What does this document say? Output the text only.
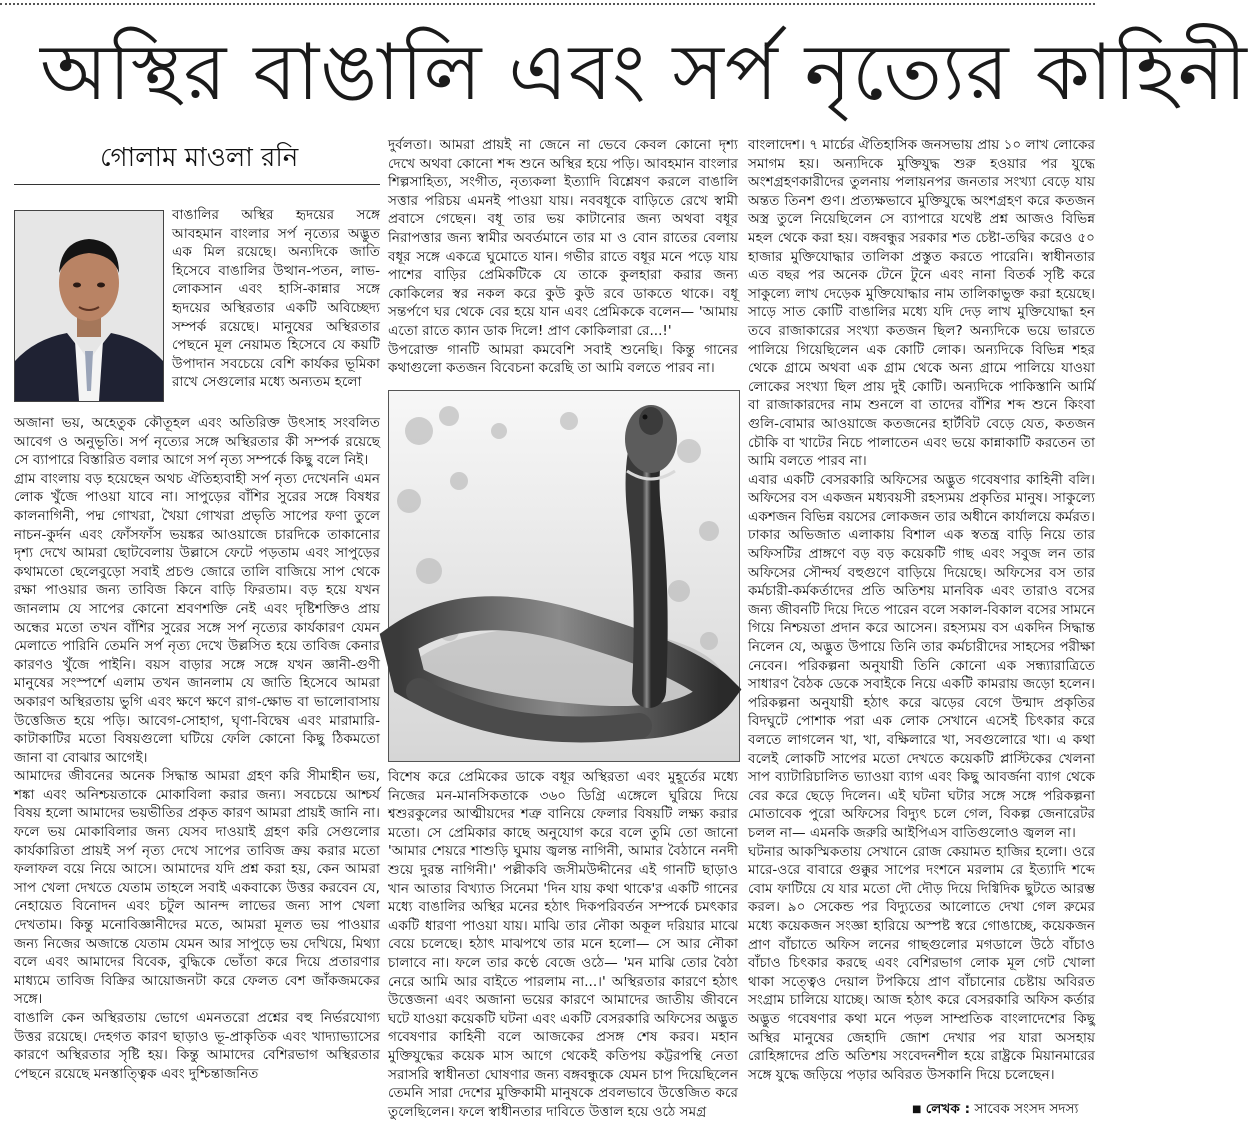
অস্থির বাঙালি এবং সর্প নৃত্যের কাহিনী
গোলাম মাওলা রনি
বাঙালির অস্থির হৃদয়ের সঙ্গে আবহমান বাংলার সর্প নৃত্যের অদ্ভুত এক মিল রয়েছে। অন্যদিকে জাতি হিসেবে বাঙালির উত্থান-পতন, লাভ-লোকসান এবং হাসি-কান্নার সঙ্গে হৃদয়ের অস্থিরতার একটি অবিচ্ছেদ্য সম্পর্ক রয়েছে। মানুষের অস্থিরতার পেছনে মূল নেয়ামত হিসেবে যে কয়টি উপাদান সবচেয়ে বেশি কার্যকর ভূমিকা রাখে সেগুলোর মধ্যে অন্যতম হলো

অজানা ভয়, অহেতুক কৌতূহল এবং অতিরিক্ত উৎসাহ সংবলিত আবেগ ও অনুভূতি। সর্প নৃত্যের সঙ্গে অস্থিরতার কী সম্পর্ক রয়েছে সে ব্যাপারে বিস্তারিত বলার আগে সর্প নৃত্য সম্পর্কে কিছু বলে নিই।

গ্রাম বাংলায় বড় হয়েছেন অথচ ঐতিহ্যবাহী সর্প নৃত্য দেখেননি এমন লোক খুঁজে পাওয়া যাবে না। সাপুড়ের বাঁশির সুরের সঙ্গে বিষধর কালনাগিনী, পদ্ম গোখরা, খৈয়া গোখরা প্রভৃতি সাপের ফণা তুলে নাচন-কুর্দন এবং ফোঁসফাঁস ভয়ঙ্কর আওয়াজে চারদিকে তাকানোর দৃশ্য দেখে আমরা ছোটবেলায় উল্লাসে ফেটে পড়তাম এবং সাপুড়ের কথামতো ছেলেবুড়ো সবাই প্রচণ্ড জোরে তালি বাজিয়ে সাপ থেকে রক্ষা পাওয়ার জন্য তাবিজ কিনে বাড়ি ফিরতাম। বড় হয়ে যখন জানলাম যে সাপের কোনো শ্রবণশক্তি নেই এবং দৃষ্টিশক্তিও প্রায় অন্ধের মতো তখন বাঁশির সুরের সঙ্গে সর্প নৃত্যের কার্যকারণ যেমন মেলাতে পারিনি তেমনি সর্প নৃত্য দেখে উল্লসিত হয়ে তাবিজ কেনার কারণও খুঁজে পাইনি। বয়স বাড়ার সঙ্গে সঙ্গে যখন জ্ঞানী-গুণী মানুষের সংস্পর্শে এলাম তখন জানলাম যে জাতি হিসেবে আমরা অকারণ অস্থিরতায় ভুগি এবং ক্ষণে ক্ষণে রাগ-ক্ষোভ বা ভালোবাসায় উত্তেজিত হয়ে পড়ি। আবেগ-সোহাগ, ঘৃণা-বিদ্বেষ এবং মারামারি-কাটাকাটির মতো বিষয়গুলো ঘটিয়ে ফেলি কোনো কিছু ঠিকমতো জানা বা বোঝার আগেই।

আমাদের জীবনের অনেক সিদ্ধান্ত আমরা গ্রহণ করি সীমাহীন ভয়, শঙ্কা এবং অনিশ্চয়তাকে মোকাবিলা করার জন্য। সবচেয়ে আশ্চর্য বিষয় হলো আমাদের ভয়ভীতির প্রকৃত কারণ আমরা প্রায়ই জানি না। ফলে ভয় মোকাবিলার জন্য যেসব দাওয়াই গ্রহণ করি সেগুলোর কার্যকারিতা প্রায়ই সর্প নৃত্য দেখে সাপের তাবিজ ক্রয় করার মতো ফলাফল বয়ে নিয়ে আসে। আমাদের যদি প্রশ্ন করা হয়, কেন আমরা সাপ খেলা দেখতে যেতাম তাহলে সবাই একবাক্যে উত্তর করবেন যে, নেহায়েত বিনোদন এবং চটুল আনন্দ লাভের জন্য সাপ খেলা দেখতাম। কিন্তু মনোবিজ্ঞানীদের মতে, আমরা মূলত ভয় পাওয়ার জন্য নিজের অজান্তে যেতাম যেমন আর সাপুড়ে ভয় দেখিয়ে, মিথ্যা বলে এবং আমাদের বিবেক, বুদ্ধিকে ভোঁতা করে দিয়ে প্রতারণার মাধ্যমে তাবিজ বিক্রির আয়োজনটা করে ফেলত বেশ জাঁকজমকের সঙ্গে।

বাঙালি কেন অস্থিরতায় ভোগে এমনতরো প্রশ্নের বহু নির্ভরযোগ্য উত্তর রয়েছে। দেহগত কারণ ছাড়াও ভূ-প্রাকৃতিক এবং খাদ্যাভ্যাসের কারণে অস্থিরতার সৃষ্টি হয়। কিন্তু আমাদের বেশিরভাগ অস্থিরতার পেছনে রয়েছে মনস্তাত্ত্বিক এবং দুশ্চিন্তাজনিত

দুর্বলতা। আমরা প্রায়ই না জেনে না ভেবে কেবল কোনো দৃশ্য দেখে অথবা কোনো শব্দ শুনে অস্থির হয়ে পড়ি। আবহমান বাংলার শিল্পসাহিত্য, সংগীত, নৃত্যকলা ইত্যাদি বিশ্লেষণ করলে বাঙালি সত্তার পরিচয় এমনই পাওয়া যায়। নববধূকে বাড়িতে রেখে স্বামী প্রবাসে গেছেন। বধূ তার ভয় কাটানোর জন্য অথবা বধূর নিরাপত্তার জন্য স্বামীর অবর্তমানে তার মা ও বোন রাতের বেলায় বধূর সঙ্গে একত্রে ঘুমোতে যান। গভীর রাতে বধূর মনে পড়ে যায় পাশের বাড়ির প্রেমিকটিকে যে তাকে কুলহারা করার জন্য কোকিলের স্বর নকল করে কুউ কুউ রবে ডাকতে থাকে। বধূ সন্তর্পণে ঘর থেকে বের হয়ে যান এবং প্রেমিককে বলেন— 'আমায় এতো রাতে ক্যান ডাক দিলে! প্রাণ কোকিলারা রে...!'

উপরোক্ত গানটি আমরা কমবেশি সবাই শুনেছি। কিন্তু গানের কথাগুলো কতজন বিবেচনা করেছি তা আমি বলতে পারব না।

বিশেষ করে প্রেমিকের ডাকে বধূর অস্থিরতা এবং মুহূর্তের মধ্যে নিজের মন-মানসিকতাকে ৩৬০ ডিগ্রি এঙ্গেলে ঘুরিয়ে দিয়ে শ্বশুরকুলের আত্মীয়দের শত্রু বানিয়ে ফেলার বিষয়টি লক্ষ্য করার মতো। সে প্রেমিকার কাছে অনুযোগ করে বলে তুমি তো জানো 'আমার শেয়রে শাশুড়ি ঘুমায় জ্বলন্ত নাগিনী, আমার বৈঠানে ননদী শুয়ে দুরন্ত নাগিনী।' পল্লীকবি জসীমউদ্দীনের এই গানটি ছাড়াও খান আতার বিখ্যাত সিনেমা 'দিন যায় কথা থাকে'র একটি গানের মধ্যে বাঙালির অস্থির মনের হঠাৎ দিকপরিবর্তন সম্পর্কে চমৎকার একটি ধারণা পাওয়া যায়। মাঝি তার নৌকা অকূল দরিয়ার মাঝে বেয়ে চলেছে। হঠাৎ মাঝপথে তার মনে হলো— সে আর নৌকা চালাবে না। ফলে তার কণ্ঠে বেজে ওঠে— 'মন মাঝি তোর বৈঠা নেরে আমি আর বাইতে পারলাম না...।' অস্থিরতার কারণে হঠাৎ উত্তেজনা এবং অজানা ভয়ের কারণে আমাদের জাতীয় জীবনে ঘটে যাওয়া কয়েকটি ঘটনা এবং একটি বেসরকারি অফিসের অদ্ভুত গবেষণার কাহিনী বলে আজকের প্রসঙ্গ শেষ করব। মহান মুক্তিযুদ্ধের কয়েক মাস আগে থেকেই কতিপয় কট্টরপন্থি নেতা সরাসরি স্বাধীনতা ঘোষণার জন্য বঙ্গবন্ধুকে যেমন চাপ দিয়েছিলেন তেমনি সারা দেশের মুক্তিকামী মানুষকে প্রবলভাবে উত্তেজিত করে তুলেছিলেন। ফলে স্বাধীনতার দাবিতে উত্তাল হয়ে ওঠে সমগ্র

বাংলাদেশ। ৭ মার্চের ঐতিহাসিক জনসভায় প্রায় ১০ লাখ লোকের সমাগম হয়। অন্যদিকে মুক্তিযুদ্ধ শুরু হওয়ার পর যুদ্ধে অংশগ্রহণকারীদের তুলনায় পলায়নপর জনতার সংখ্যা বেড়ে যায় অন্তত তিনশ গুণ। প্রত্যক্ষভাবে মুক্তিযুদ্ধে অংশগ্রহণ করে কতজন অস্ত্র তুলে নিয়েছিলেন সে ব্যাপারে যথেষ্ট প্রশ্ন আজও বিভিন্ন মহল থেকে করা হয়। বঙ্গবন্ধুর সরকার শত চেষ্টা-তদ্বির করেও ৫০ হাজার মুক্তিযোদ্ধার তালিকা প্রস্তুত করতে পারেনি। স্বাধীনতার এত বছর পর অনেক টেনে টুনে এবং নানা বিতর্ক সৃষ্টি করে সাকুল্যে লাখ দেড়েক মুক্তিযোদ্ধার নাম তালিকাভুক্ত করা হয়েছে। সাড়ে সাত কোটি বাঙালির মধ্যে যদি দেড় লাখ মুক্তিযোদ্ধা হন তবে রাজাকারের সংখ্যা কতজন ছিল? অন্যদিকে ভয়ে ভারতে পালিয়ে গিয়েছিলেন এক কোটি লোক। অন্যদিকে বিভিন্ন শহর থেকে গ্রামে অথবা এক গ্রাম থেকে অন্য গ্রামে পালিয়ে যাওয়া লোকের সংখ্যা ছিল প্রায় দুই কোটি। অন্যদিকে পাকিস্তানি আর্মি বা রাজাকারদের নাম শুনলে বা তাদের বাঁশির শব্দ শুনে কিংবা গুলি-বোমার আওয়াজে কতজনের হার্টবিট বেড়ে যেত, কতজন চৌকি বা খাটের নিচে পালাতেন এবং ভয়ে কান্নাকাটি করতেন তা আমি বলতে পারব না।

এবার একটি বেসরকারি অফিসের অদ্ভুত গবেষণার কাহিনী বলি। অফিসের বস একজন মধ্যবয়সী রহস্যময় প্রকৃতির মানুষ। সাকুল্যে একশজন বিভিন্ন বয়সের লোকজন তার অধীনে কার্যালয়ে কর্মরত। ঢাকার অভিজাত এলাকায় বিশাল এক স্বতন্ত্র বাড়ি নিয়ে তার অফিসটির প্রাঙ্গণে বড় বড় কয়েকটি গাছ এবং সবুজ লন তার অফিসের সৌন্দর্য বহুগুণে বাড়িয়ে দিয়েছে। অফিসের বস তার কর্মচারী-কর্মকর্তাদের প্রতি অতিশয় মানবিক এবং তারাও বসের জন্য জীবনটি দিয়ে দিতে পারেন বলে সকাল-বিকাল বসের সামনে গিয়ে নিশ্চয়তা প্রদান করে আসেন। রহস্যময় বস একদিন সিদ্ধান্ত নিলেন যে, অদ্ভুত উপায়ে তিনি তার কর্মচারীদের সাহসের পরীক্ষা নেবেন। পরিকল্পনা অনুযায়ী তিনি কোনো এক সন্ধ্যারাত্রিতে সাধারণ বৈঠক ডেকে সবাইকে নিয়ে একটি কামরায় জড়ো হলেন। পরিকল্পনা অনুযায়ী হঠাৎ করে ঝড়ের বেগে উন্মাদ প্রকৃতির বিদঘুটে পোশাক পরা এক লোক সেখানে এসেই চিৎকার করে বলতে লাগলেন খা, খা, বক্ষিলারে খা, সবগুলোরে খা। এ কথা বলেই লোকটি সাপের মতো দেখতে কয়েকটি প্লাস্টিকের খেলনা সাপ ব্যাটারিচালিত ভ্যাওয়া ব্যাগ এবং কিছু আবর্জনা ব্যাগ থেকে বের করে ছেড়ে দিলেন। এই ঘটনা ঘটার সঙ্গে সঙ্গে পরিকল্পনা মোতাবেক পুরো অফিসের বিদ্যুৎ চলে গেল, বিকল্প জেনারেটর চলল না— এমনকি জরুরি আইপিএস বাতিগুলোও জ্বলল না।

ঘটনার আকস্মিকতায় সেখানে রোজ কেয়ামত হাজির হলো। ওরে মারে-ওরে বাবারে গুক্কুর সাপের দংশনে মরলাম রে ইত্যাদি শব্দে বোম ফাটিয়ে যে যার মতো দৌ দৌড় দিয়ে দিগ্বিদিক ছুটতে আরম্ভ করল। ৯০ সেকেন্ড পর বিদ্যুতের আলোতে দেখা গেল রুমের মধ্যে কয়েকজন সংজ্ঞা হারিয়ে অস্পষ্ট স্বরে গোঙাচ্ছে, কয়েকজন প্রাণ বাঁচাতে অফিস লনের গাছগুলোর মগডালে উঠে বাঁচাও বাঁচাও চিৎকার করছে এবং বেশিরভাগ লোক মূল গেট খোলা থাকা সত্ত্বেও দেয়াল টপকিয়ে প্রাণ বাঁচানোর চেষ্টায় অবিরত সংগ্রাম চালিয়ে যাচ্ছে। আজ হঠাৎ করে বেসরকারি অফিস কর্তার অদ্ভুত গবেষণার কথা মনে পড়ল সাম্প্রতিক বাংলাদেশের কিছু অস্থির মানুষের জেহাদি জোশ দেখার পর যারা অসহায় রোহিঙ্গাদের প্রতি অতিশয় সংবেদনশীল হয়ে রাষ্ট্রকে মিয়ানমারের সঙ্গে যুদ্ধে জড়িয়ে পড়ার অবিরত উসকানি দিয়ে চলেছেন।

■ লেখক : সাবেক সংসদ সদস্য
